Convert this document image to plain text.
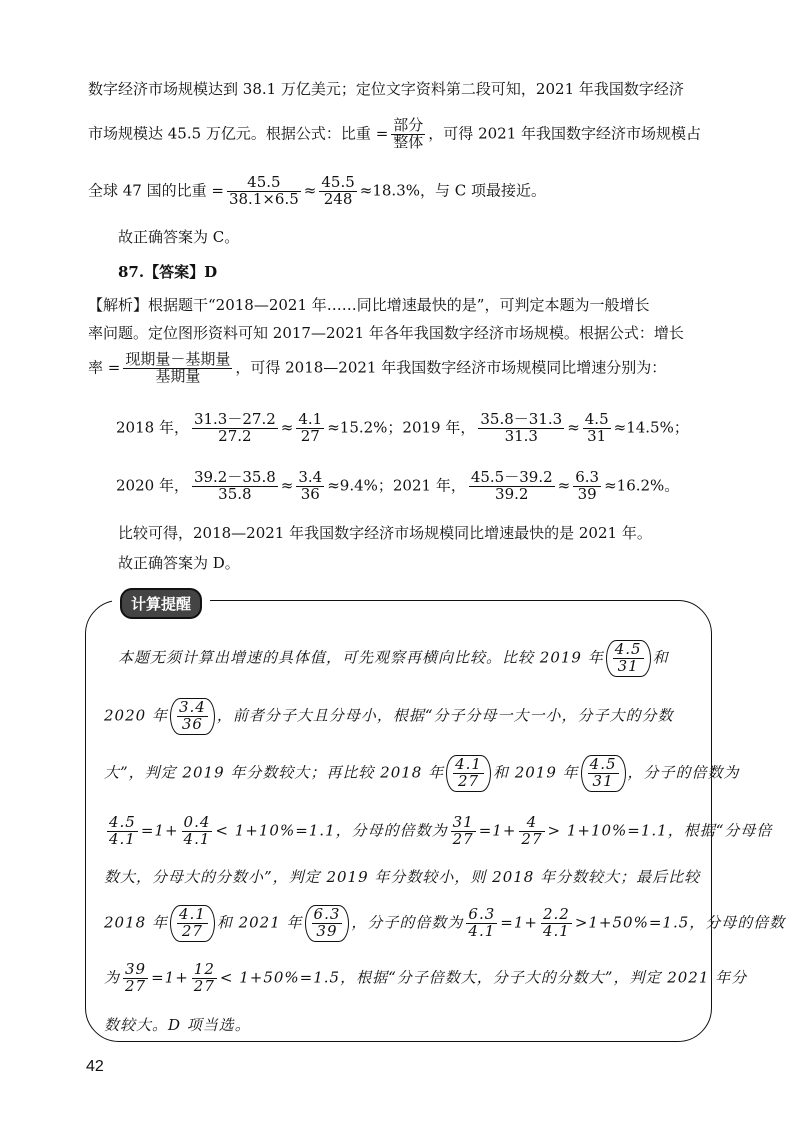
数字经济市场规模达到 38.1 万亿美元；定位文字资料第二段可知，2021 年我国数字经济
市场规模达 45.5 万亿元。根据公式：比重 = $\frac{\text{部分}}{\text{整体}}$ ，可得 2021 年我国数字经济市场规模占
全球 47 国的比重 = $\frac{45.5}{38.1\times 6.5} \approx \frac{45.5}{248} \approx 18.3\%$，与 C 项最接近。
故正确答案为 C。
87.【答案】D
【解析】根据题干“2018—2021 年……同比增速最快的是”，可判定本题为一般增长
率问题。定位图形资料可知 2017—2021 年各年我国数字经济市场规模。根据公式：增长
率 = $\frac{\text{现期量－基期量}}{\text{基期量}}$ ，可得 2018—2021 年我国数字经济市场规模同比增速分别为：
2018 年， $\frac{31.3-27.2}{27.2} \approx \frac{4.1}{27} \approx 15.2\%$；2019 年， $\frac{35.8-31.3}{31.3} \approx \frac{4.5}{31} \approx 14.5\%$；
2020 年， $\frac{39.2-35.8}{35.8} \approx \frac{3.4}{36} \approx 9.4\%$；2021 年， $\frac{45.5-39.2}{39.2} \approx \frac{6.3}{39} \approx 16.2\%$。
比较可得，2018—2021 年我国数字经济市场规模同比增速最快的是 2021 年。
故正确答案为 D。
计算提醒
本题无须计算出增速的具体值，可先观察再横向比较。比较 2019 年 $\frac{4.5}{31}$ 和
2020 年 $\frac{3.4}{36}$ ，前者分子大且分母小，根据“分子分母一大一小，分子大的分数
大”，判定 2019 年分数较大；再比较 2018 年 $\frac{4.1}{27}$ 和 2019 年 $\frac{4.5}{31}$ ，分子的倍数为
$\frac{4.5}{4.1} =1+ \frac{0.4}{4.1} < 1+10\%=1.1$，分母的倍数为 $\frac{31}{27} =1+ \frac{4}{27} > 1+10\%=1.1$，根据“分母倍
数大，分母大的分数小”，判定 2019 年分数较小，则 2018 年分数较大；最后比较
2018 年 $\frac{4.1}{27}$ 和 2021 年 $\frac{6.3}{39}$ ，分子的倍数为 $\frac{6.3}{4.1} =1+ \frac{2.2}{4.1} >1+50\%=1.5$，分母的倍数
为 $\frac{39}{27} =1+ \frac{12}{27} < 1+50\%=1.5$，根据“分子倍数大，分子大的分数大”，判定 2021 年分
数较大。D 项当选。
42
